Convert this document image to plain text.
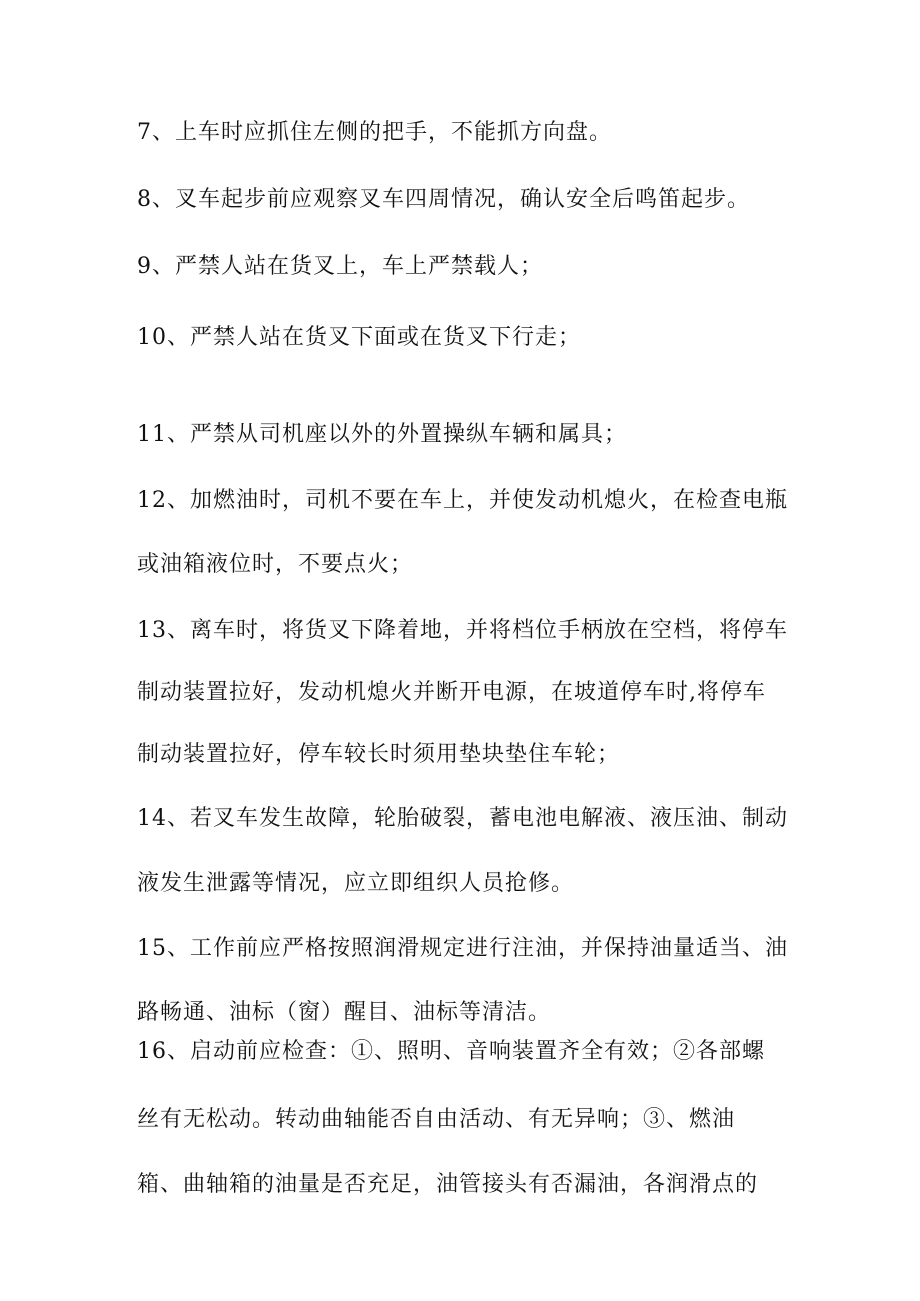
7、上车时应抓住左侧的把手，不能抓方向盘。
8、叉车起步前应观察叉车四周情况，确认安全后鸣笛起步。
9、严禁人站在货叉上，车上严禁载人；
10、严禁人站在货叉下面或在货叉下行走；
11、严禁从司机座以外的外置操纵车辆和属具；
12、加燃油时，司机不要在车上，并使发动机熄火，在检查电瓶
或油箱液位时，不要点火；
13、离车时，将货叉下降着地，并将档位手柄放在空档，将停车
制动装置拉好，发动机熄火并断开电源，在坡道停车时,将停车
制动装置拉好，停车较长时须用垫块垫住车轮；
14、若叉车发生故障，轮胎破裂，蓄电池电解液、液压油、制动
液发生泄露等情况，应立即组织人员抢修。
15、工作前应严格按照润滑规定进行注油，并保持油量适当、油
路畅通、油标（窗）醒目、油标等清洁。
16、启动前应检查：①、照明、音响装置齐全有效；②各部螺
丝有无松动。转动曲轴能否自由活动、有无异响；③、燃油
箱、曲轴箱的油量是否充足，油管接头有否漏油，各润滑点的
